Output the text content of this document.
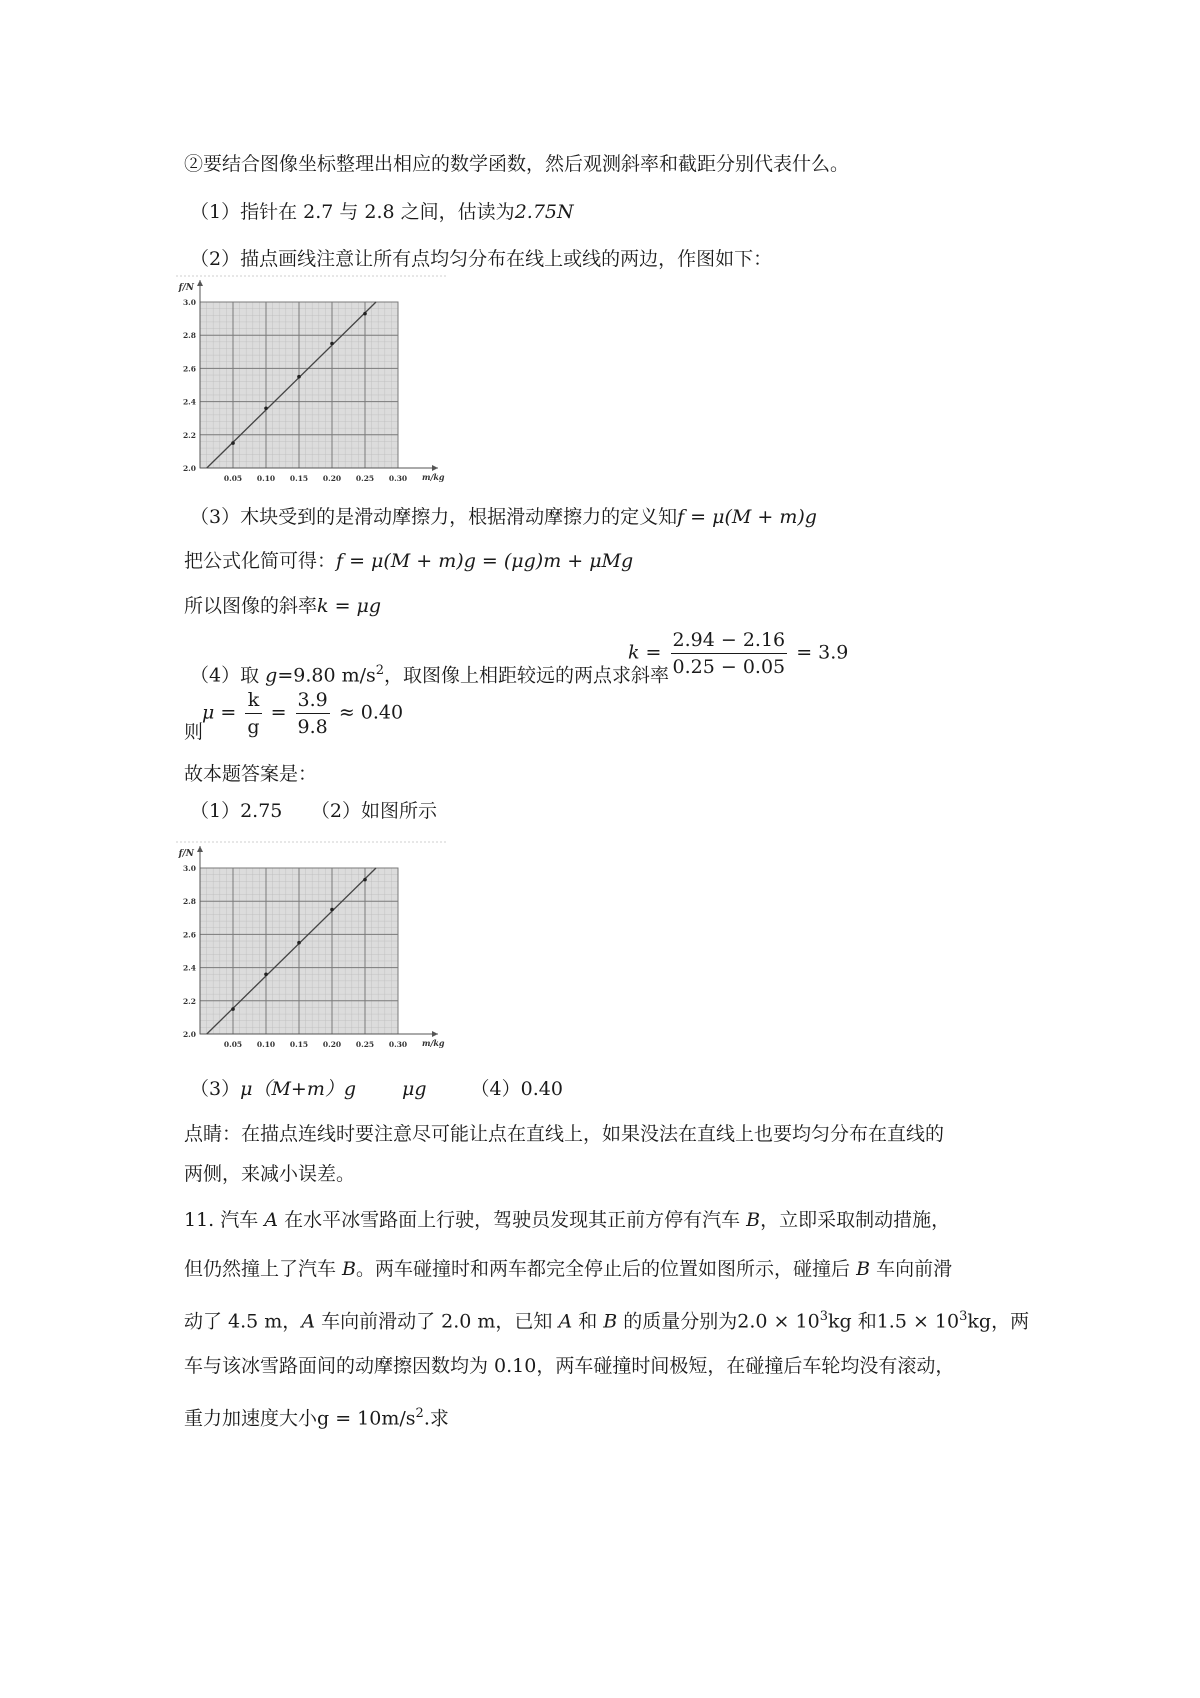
②要结合图像坐标整理出相应的数学函数，然后观测斜率和截距分别代表什么。
（1）指针在 2.7 与 2.8 之间，估读为2.75N
（2）描点画线注意让所有点均匀分布在线上或线的两边，作图如下：
0.05 0.10 0.15 0.20 0.25 0.30
2.0
2.2
2.4
2.6
2.8
3.0
f/N
m/kg
（3）木块受到的是滑动摩擦力，根据滑动摩擦力的定义知f = μ(M + m)g
把公式化简可得：f = μ(M + m)g = (μg)m + μMg
所以图像的斜率k = μg
（4）取 g=9.80 $m/s^2$，取图像上相距较远的两点求斜率
$k = \frac{2.94 - 2.16}{0.25 - 0.05} = 3.9$
则
$\mu = \frac{k}{g} = \frac{3.9}{9.8} \approx 0.40$
故本题答案是：
（1）2.75　　（2）如图所示
0.05 0.10 0.15 0.20 0.25 0.30
2.0
2.2
2.4
2.6
2.8
3.0
f/N
m/kg
（3）μ（M+m）g μg （4）0.40
点睛：在描点连线时要注意尽可能让点在直线上，如果没法在直线上也要均匀分布在直线的
两侧，来减小误差。
11. 汽车 A 在水平冰雪路面上行驶，驾驶员发现其正前方停有汽车 B，立即采取制动措施，
但仍然撞上了汽车 B。两车碰撞时和两车都完全停止后的位置如图所示，碰撞后 B 车向前滑
动了 4.5 m，A 车向前滑动了 2.0 m，已知 A 和 B 的质量分别为$2.0 \times 10^3kg$ 和$1.5 \times 10^3kg$，两
车与该冰雪路面间的动摩擦因数均为 0.10，两车碰撞时间极短，在碰撞后车轮均没有滚动，
重力加速度大小$g = 10m/s^2$.求
